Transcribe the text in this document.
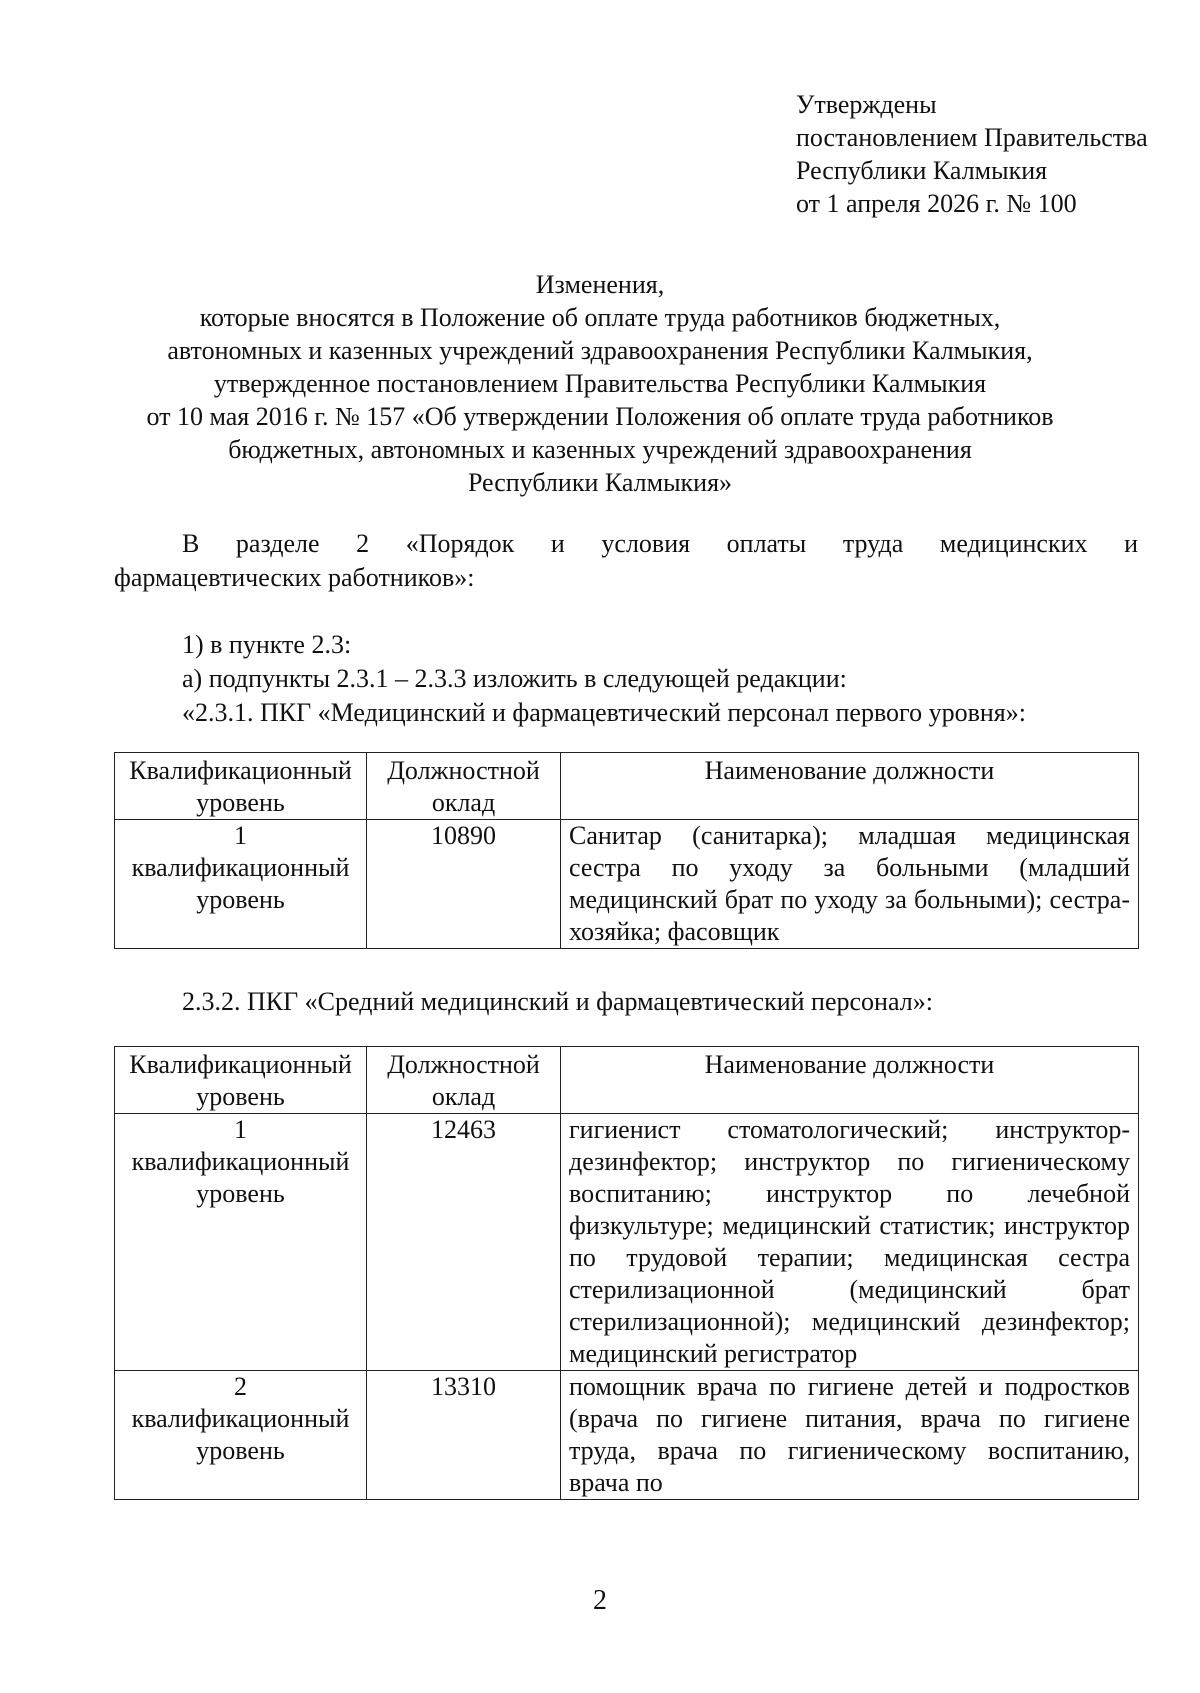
Утверждены
постановлением Правительства
Республики Калмыкия
от 1 апреля 2026 г. № 100
Изменения,
которые вносятся в Положение об оплате труда работников бюджетных,
автономных и казенных учреждений здравоохранения Республики Калмыкия,
утвержденное постановлением Правительства Республики Калмыкия
от 10 мая 2016 г. № 157 «Об утверждении Положения об оплате труда работников
бюджетных, автономных и казенных учреждений здравоохранения
Республики Калмыкия»
В разделе 2 «Порядок и условия оплаты труда медицинских и
фармацевтических работников»:
1) в пункте 2.3:
а) подпункты 2.3.1 – 2.3.3 изложить в следующей редакции:
«2.3.1. ПКГ «Медицинский и фармацевтический персонал первого уровня»:
Квалификационный уровень	Должностной оклад	Наименование должности
1 квалификационный уровень	10890	Санитар (санитарка); младшая медицинская сестра по уходу за больными (младший медицинский брат по уходу за больными); сестра-хозяйка; фасовщик
2.3.2. ПКГ «Средний медицинский и фармацевтический персонал»:
Квалификационный уровень	Должностной оклад	Наименование должности
1 квалификационный уровень	12463	гигиенист стоматологический; инструктор-дезинфектор; инструктор по гигиеническому воспитанию; инструктор по лечебной физкультуре; медицинский статистик; инструктор по трудовой терапии; медицинская сестра стерилизационной (медицинский брат стерилизационной); медицинский дезинфектор; медицинский регистратор
2 квалификационный уровень	13310	помощник врача по гигиене детей и подростков (врача по гигиене питания, врача по гигиене труда, врача по гигиеническому воспитанию, врача по
2
